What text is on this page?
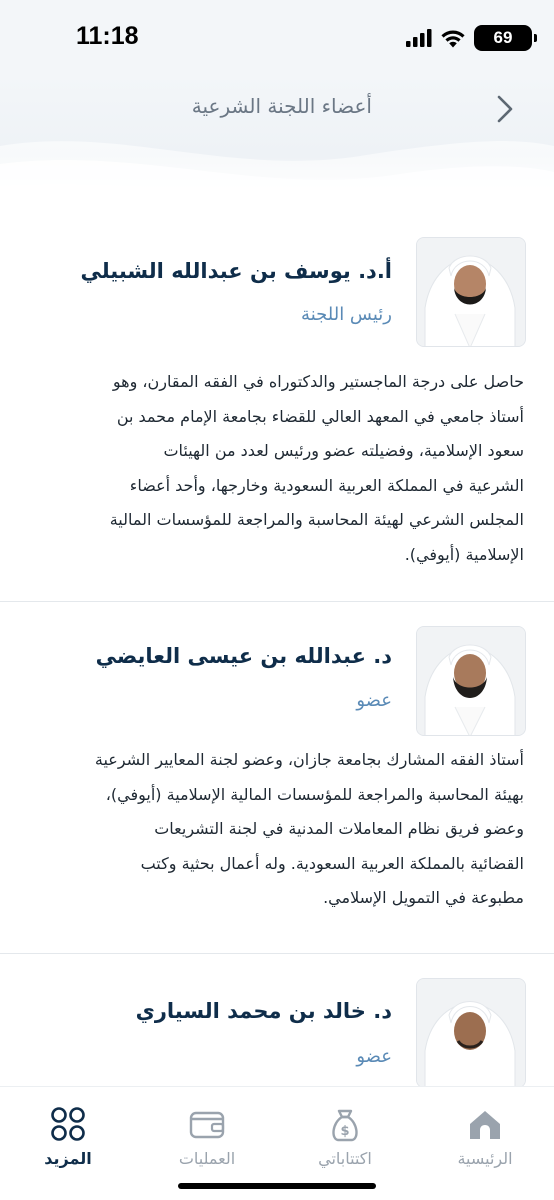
11:18	69
أعضاء اللجنة الشرعية
أ.د. يوسف بن عبدالله الشبيلي
رئيس اللجنة
حاصل على درجة الماجستير والدكتوراه في الفقه المقارن، وهو
أستاذ جامعي في المعهد العالي للقضاء بجامعة الإمام محمد بن
سعود الإسلامية، وفضيلته عضو ورئيس لعدد من الهيئات
الشرعية في المملكة العربية السعودية وخارجها، وأحد أعضاء
المجلس الشرعي لهيئة المحاسبة والمراجعة للمؤسسات المالية
الإسلامية (أيوفي).
د. عبدالله بن عيسى العايضي
عضو
أستاذ الفقه المشارك بجامعة جازان، وعضو لجنة المعايير الشرعية
بهيئة المحاسبة والمراجعة للمؤسسات المالية الإسلامية (أيوفي)،
وعضو فريق نظام المعاملات المدنية في لجنة التشريعات
القضائية بالمملكة العربية السعودية. وله أعمال بحثية وكتب
مطبوعة في التمويل الإسلامي.
د. خالد بن محمد السياري
عضو
الرئيسية
$
اكتتاباتي
العمليات
المزيد
